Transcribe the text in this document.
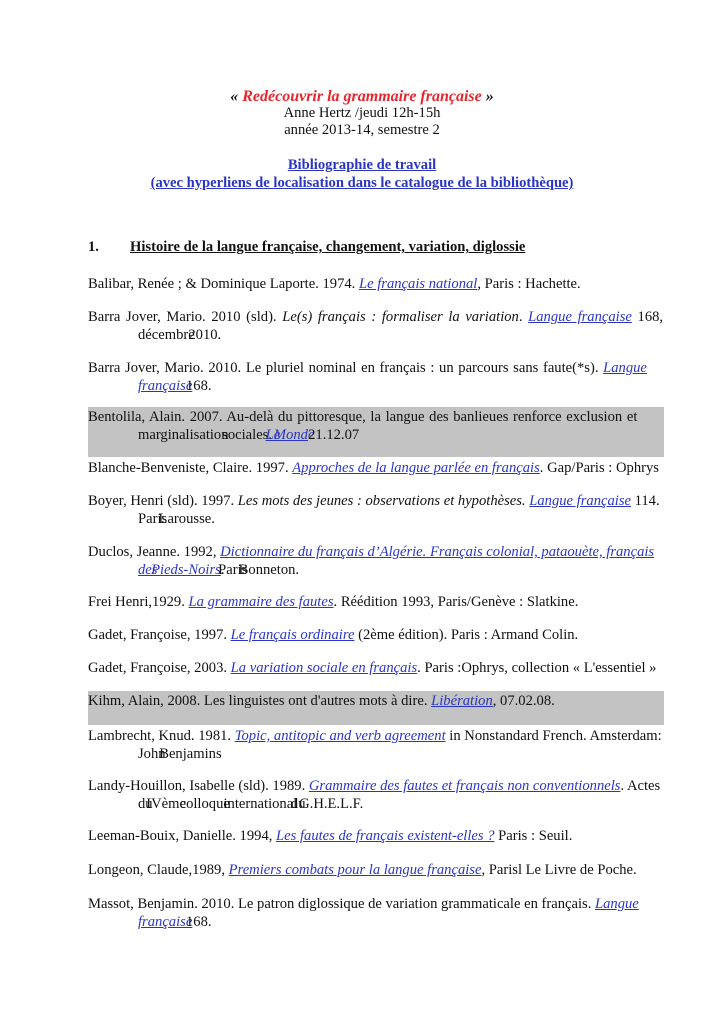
« Redécouvrir la grammaire française »
Anne Hertz /jeudi 12h-15h
année 2013-14, semestre 2
Bibliographie de travail
(avec hyperliens de localisation dans le catalogue de la bibliothèque)
1. Histoire de la langue française, changement, variation, diglossie
Balibar, Renée ; & Dominique Laporte. 1974. Le français national, Paris : Hachette.
Barra Jover, Mario. 2010 (sld). Le(s) français : formaliser la variation. Langue française 168,
décembre 2010.
Barra Jover, Mario. 2010. Le pluriel nominal en français : un parcours sans faute(*s). Langue
française 168.
Bentolila, Alain. 2007. Au-delà du pittoresque, la langue des banlieues renforce exclusion et
marginalisation sociales. Le Monde 21.12.07
Blanche-Benveniste, Claire. 1997. Approches de la langue parlée en français. Gap/Paris : Ophrys
Boyer, Henri (sld). 1997. Les mots des jeunes : observations et hypothèses. Langue française 114.
Paris : Larousse.
Duclos, Jeanne. 1992, Dictionnaire du français d’Algérie. Français colonial, pataouète, français
des Pieds-Noirs. Paris : Bonneton.
Frei Henri,1929. La grammaire des fautes. Réédition 1993, Paris/Genève : Slatkine.
Gadet, Françoise, 1997. Le français ordinaire (2ème édition). Paris : Armand Colin.
Gadet, Françoise, 2003. La variation sociale en français. Paris :Ophrys, collection « L'essentiel »
Kihm, Alain, 2008. Les linguistes ont d'autres mots à dire. Libération, 07.02.08.
Lambrecht, Knud. 1981. Topic, antitopic and verb agreement in Nonstandard French. Amsterdam:
John Benjamins
Landy-Houillon, Isabelle (sld). 1989. Grammaire des fautes et français non conventionnels. Actes
du IVème colloque international du G.H.E.L.F.
Leeman-Bouix, Danielle. 1994, Les fautes de français existent-elles ? Paris : Seuil.
Longeon, Claude,1989, Premiers combats pour la langue française, Parisl Le Livre de Poche.
Massot, Benjamin. 2010. Le patron diglossique de variation grammaticale en français. Langue
française 168.
